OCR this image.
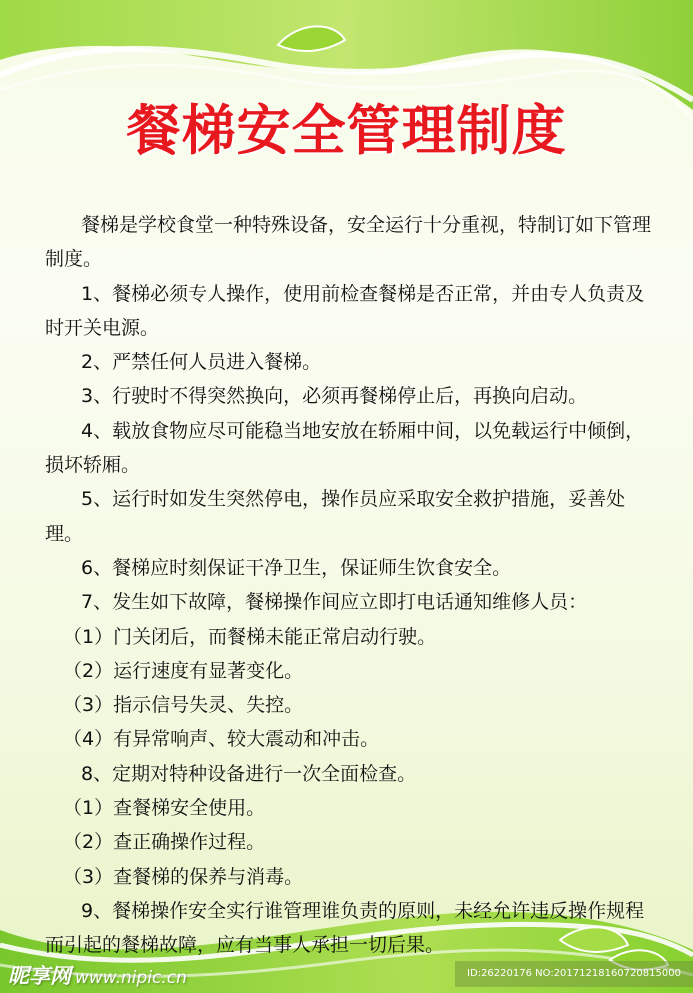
餐梯安全管理制度

餐梯是学校食堂一种特殊设备，安全运行十分重视，特制订如下管理制度。

1、餐梯必须专人操作，使用前检查餐梯是否正常，并由专人负责及时开关电源。

2、严禁任何人员进入餐梯。

3、行驶时不得突然换向，必须再餐梯停止后，再换向启动。

4、载放食物应尽可能稳当地安放在轿厢中间，以免载运行中倾倒，损坏轿厢。

5、运行时如发生突然停电，操作员应采取安全救护措施，妥善处理。

6、餐梯应时刻保证干净卫生，保证师生饮食安全。

7、发生如下故障，餐梯操作间应立即打电话通知维修人员：

（1）门关闭后，而餐梯未能正常启动行驶。

（2）运行速度有显著变化。

（3）指示信号失灵、失控。

（4）有异常响声、较大震动和冲击。

8、定期对特种设备进行一次全面检查。

（1）查餐梯安全使用。

（2）查正确操作过程。

（3）查餐梯的保养与消毒。

9、餐梯操作安全实行谁管理谁负责的原则，未经允许违反操作规程而引起的餐梯故障，应有当事人承担一切后果。

昵享网 www.nipic.cn	ID:26220176 NO:20171218160720815000
